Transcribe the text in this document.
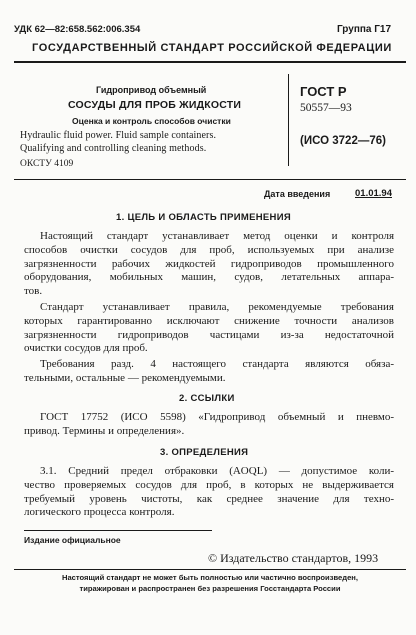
УДК 62—82:658.562:006.354	Группа Г17
ГОСУДАРСТВЕННЫЙ СТАНДАРТ РОССИЙСКОЙ ФЕДЕРАЦИИ
Гидропривод объемный
СОСУДЫ ДЛЯ ПРОБ ЖИДКОСТИ
Оценка и контроль способов очистки
Hydraulic fluid power. Fluid sample containers.
Qualifying and controlling cleaning methods.
ОКСТУ 4109
ГОСТ Р
50557—93
(ИСО 3722—76)
Дата введения	01.01.94
1. ЦЕЛЬ И ОБЛАСТЬ ПРИМЕНЕНИЯ
Настоящий стандарт устанавливает метод оценки и контроля
способов очистки сосудов для проб, используемых при анализе
загрязненности рабочих жидкостей гидроприводов промышленного
оборудования, мобильных машин, судов, летательных аппара-
тов.
Стандарт устанавливает правила, рекомендуемые требования
которых гарантированно исключают снижение точности анализов
загрязненности гидроприводов частицами из-за недостаточной
очистки сосудов для проб.
Требования разд. 4 настоящего стандарта являются обяза-
тельными, остальные — рекомендуемыми.
2. ССЫЛКИ
ГОСТ 17752 (ИСО 5598) «Гидропривод объемный и пневмо-
привод. Термины и определения».
3. ОПРЕДЕЛЕНИЯ
3.1. Средний предел отбраковки (AOQL) — допустимое коли-
чество проверяемых сосудов для проб, в которых не выдерживается
требуемый уровень чистоты, как среднее значение для техно-
логического процесса контроля.
Издание официальное
© Издательство стандартов, 1993
Настоящий стандарт не может быть полностью или частично воспроизведен,
тиражирован и распространен без разрешения Госстандарта России
